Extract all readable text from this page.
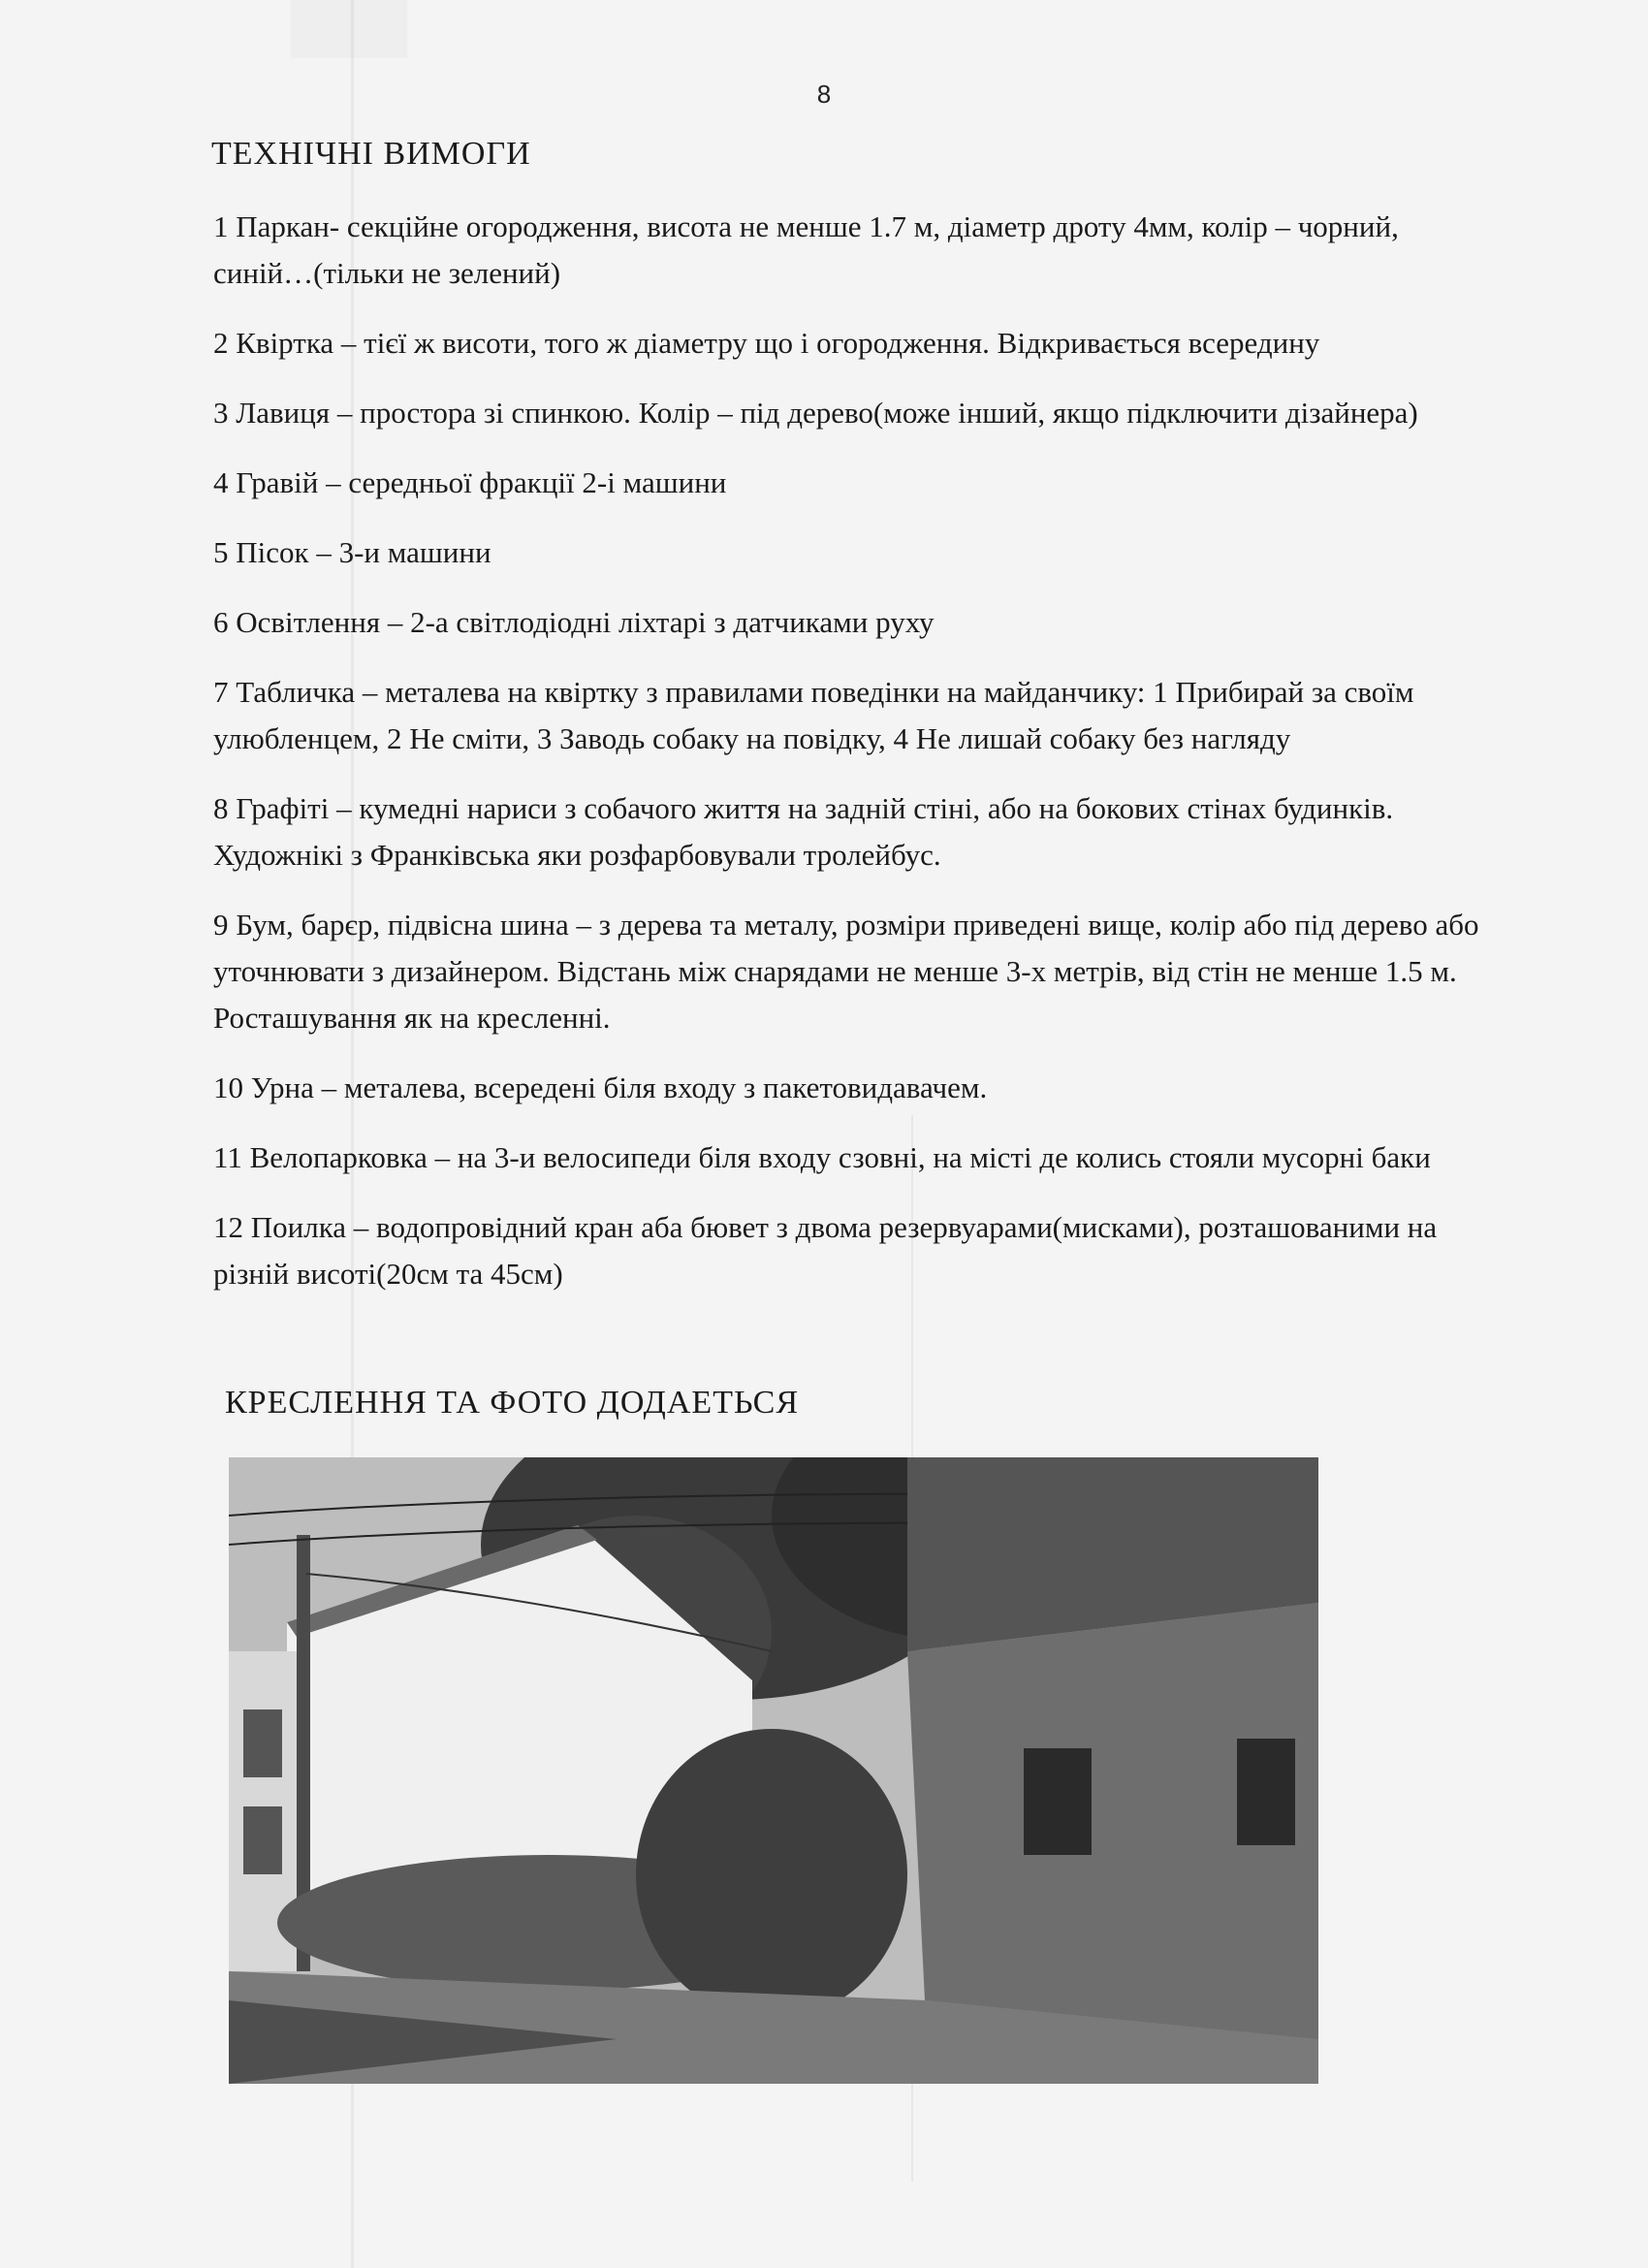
8
ТЕХНІЧНІ ВИМОГИ

1 Паркан- секційне огородження, висота не менше 1.7 м, діаметр дроту 4мм, колір – чорний, синій…(тільки не зелений)

2 Квіртка – тієї ж висоти, того ж діаметру що і огородження. Відкривається всередину

3 Лавиця – простора зі спинкою. Колір – під дерево(може інший, якщо підключити дізайнера)

4 Гравій – середньої фракції 2-і машини

5 Пісок – 3-и машини

6 Освітлення – 2-а світлодіодні ліхтарі з датчиками руху

7 Табличка – металева на квіртку з правилами поведінки на майданчику: 1 Прибирай за своїм улюбленцем, 2 Не сміти, 3 Заводь собаку на повідку, 4 Не лишай собаку без нагляду

8 Графіті – кумедні нариси з собачого життя на задній стіні, або на бокових стінах будинків. Художнікі з Франківська яки розфарбовували тролейбус.

9 Бум, барєр, підвісна шина – з дерева та металу, розміри приведені вище, колір або під дерево або уточнювати з дизайнером. Відстань між снарядами не менше 3-х метрів, від стін не менше 1.5 м. Росташування як на кресленні.

10 Урна – металева, всередені біля входу з пакетовидавачем.

11 Велопарковка – на 3-и велосипеди біля входу сзовні, на місті де колись стояли мусорні баки

12 Поилка – водопровідний кран аба бювет з двома резервуарами(мисками), розташованими на різній висоті(20см та 45см)

КРЕСЛЕННЯ ТА ФОТО ДОДАЕТЬСЯ
